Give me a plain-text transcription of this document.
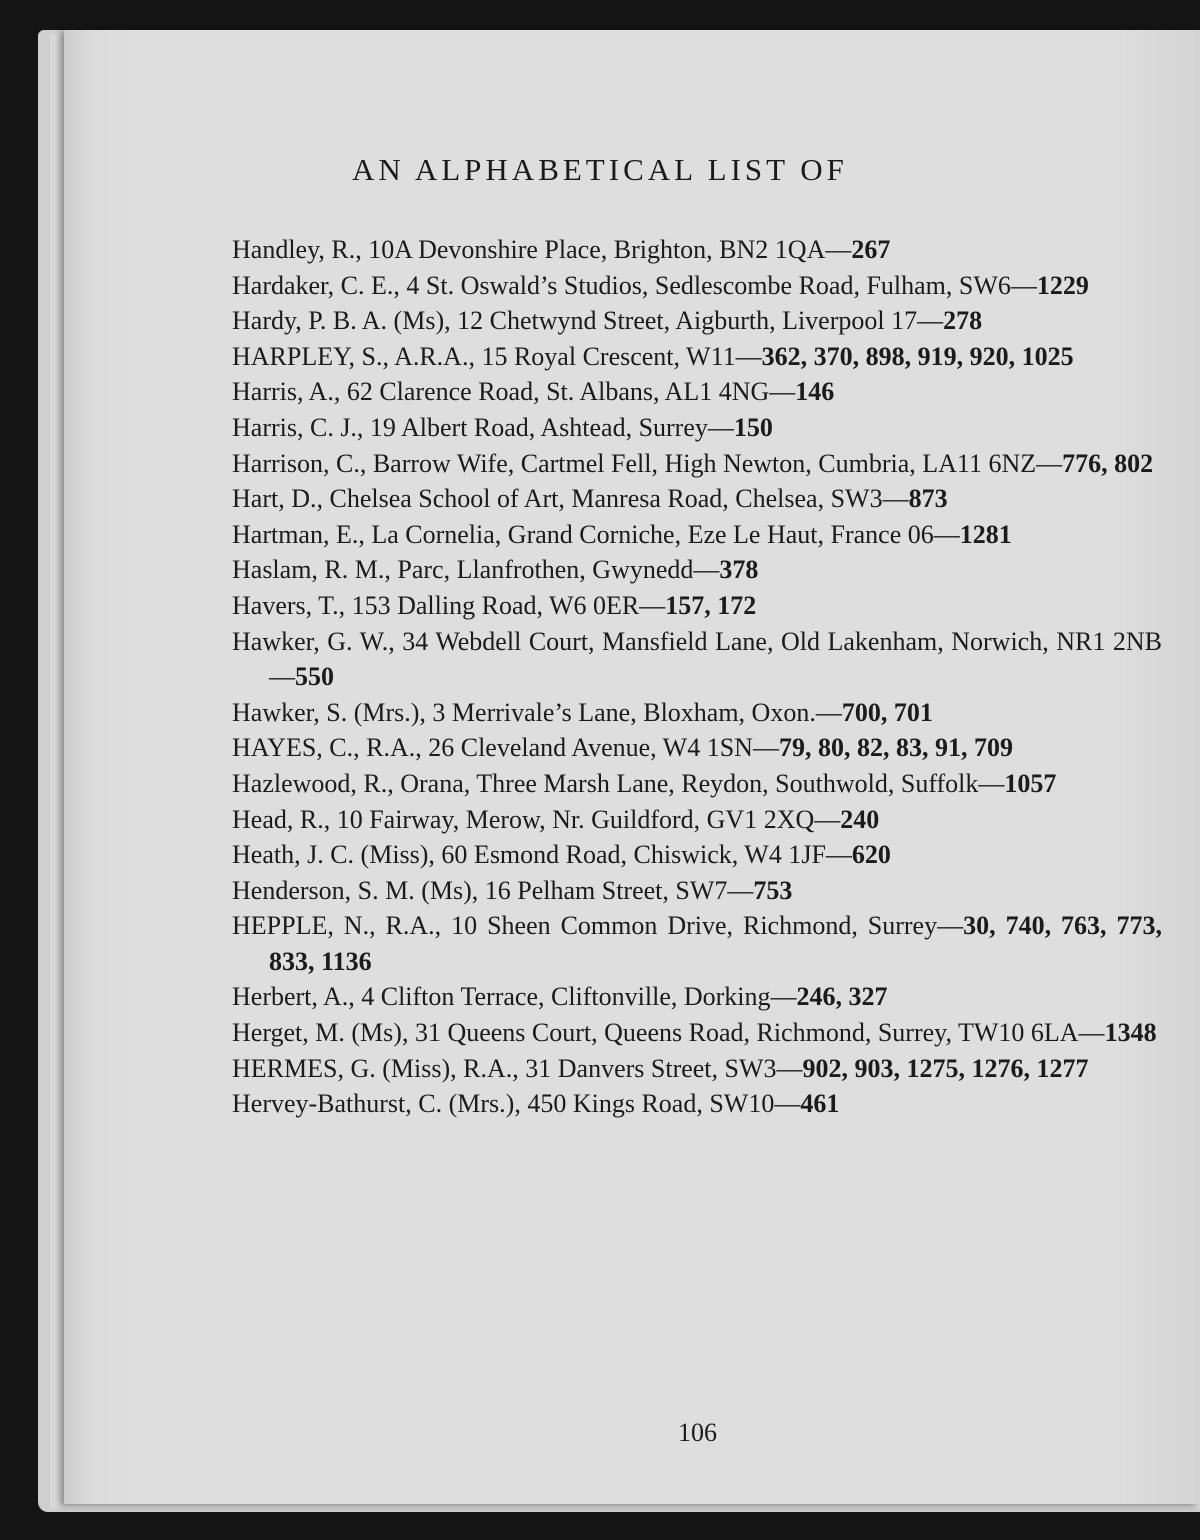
AN ALPHABETICAL LIST OF
Handley, R., 10A Devonshire Place, Brighton, BN2 1QA—267
Hardaker, C. E., 4 St. Oswald’s Studios, Sedlescombe Road, Fulham, SW6—1229
Hardy, P. B. A. (Ms), 12 Chetwynd Street, Aigburth, Liverpool 17—278
HARPLEY, S., A.R.A., 15 Royal Crescent, W11—362, 370, 898, 919, 920, 1025
Harris, A., 62 Clarence Road, St. Albans, AL1 4NG—146
Harris, C. J., 19 Albert Road, Ashtead, Surrey—150
Harrison, C., Barrow Wife, Cartmel Fell, High Newton, Cumbria, LA11 6NZ—776, 802
Hart, D., Chelsea School of Art, Manresa Road, Chelsea, SW3—873
Hartman, E., La Cornelia, Grand Corniche, Eze Le Haut, France 06—1281
Haslam, R. M., Parc, Llanfrothen, Gwynedd—378
Havers, T., 153 Dalling Road, W6 0ER—157, 172
Hawker, G. W., 34 Webdell Court, Mansfield Lane, Old Lakenham, Norwich, NR1 2NB—550
Hawker, S. (Mrs.), 3 Merrivale’s Lane, Bloxham, Oxon.—700, 701
HAYES, C., R.A., 26 Cleveland Avenue, W4 1SN—79, 80, 82, 83, 91, 709
Hazlewood, R., Orana, Three Marsh Lane, Reydon, Southwold, Suffolk—1057
Head, R., 10 Fairway, Merow, Nr. Guildford, GV1 2XQ—240
Heath, J. C. (Miss), 60 Esmond Road, Chiswick, W4 1JF—620
Henderson, S. M. (Ms), 16 Pelham Street, SW7—753
HEPPLE, N., R.A., 10 Sheen Common Drive, Richmond, Surrey—30, 740, 763, 773, 833, 1136
Herbert, A., 4 Clifton Terrace, Cliftonville, Dorking—246, 327
Herget, M. (Ms), 31 Queens Court, Queens Road, Richmond, Surrey, TW10 6LA—1348
HERMES, G. (Miss), R.A., 31 Danvers Street, SW3—902, 903, 1275, 1276, 1277
Hervey-Bathurst, C. (Mrs.), 450 Kings Road, SW10—461
106
